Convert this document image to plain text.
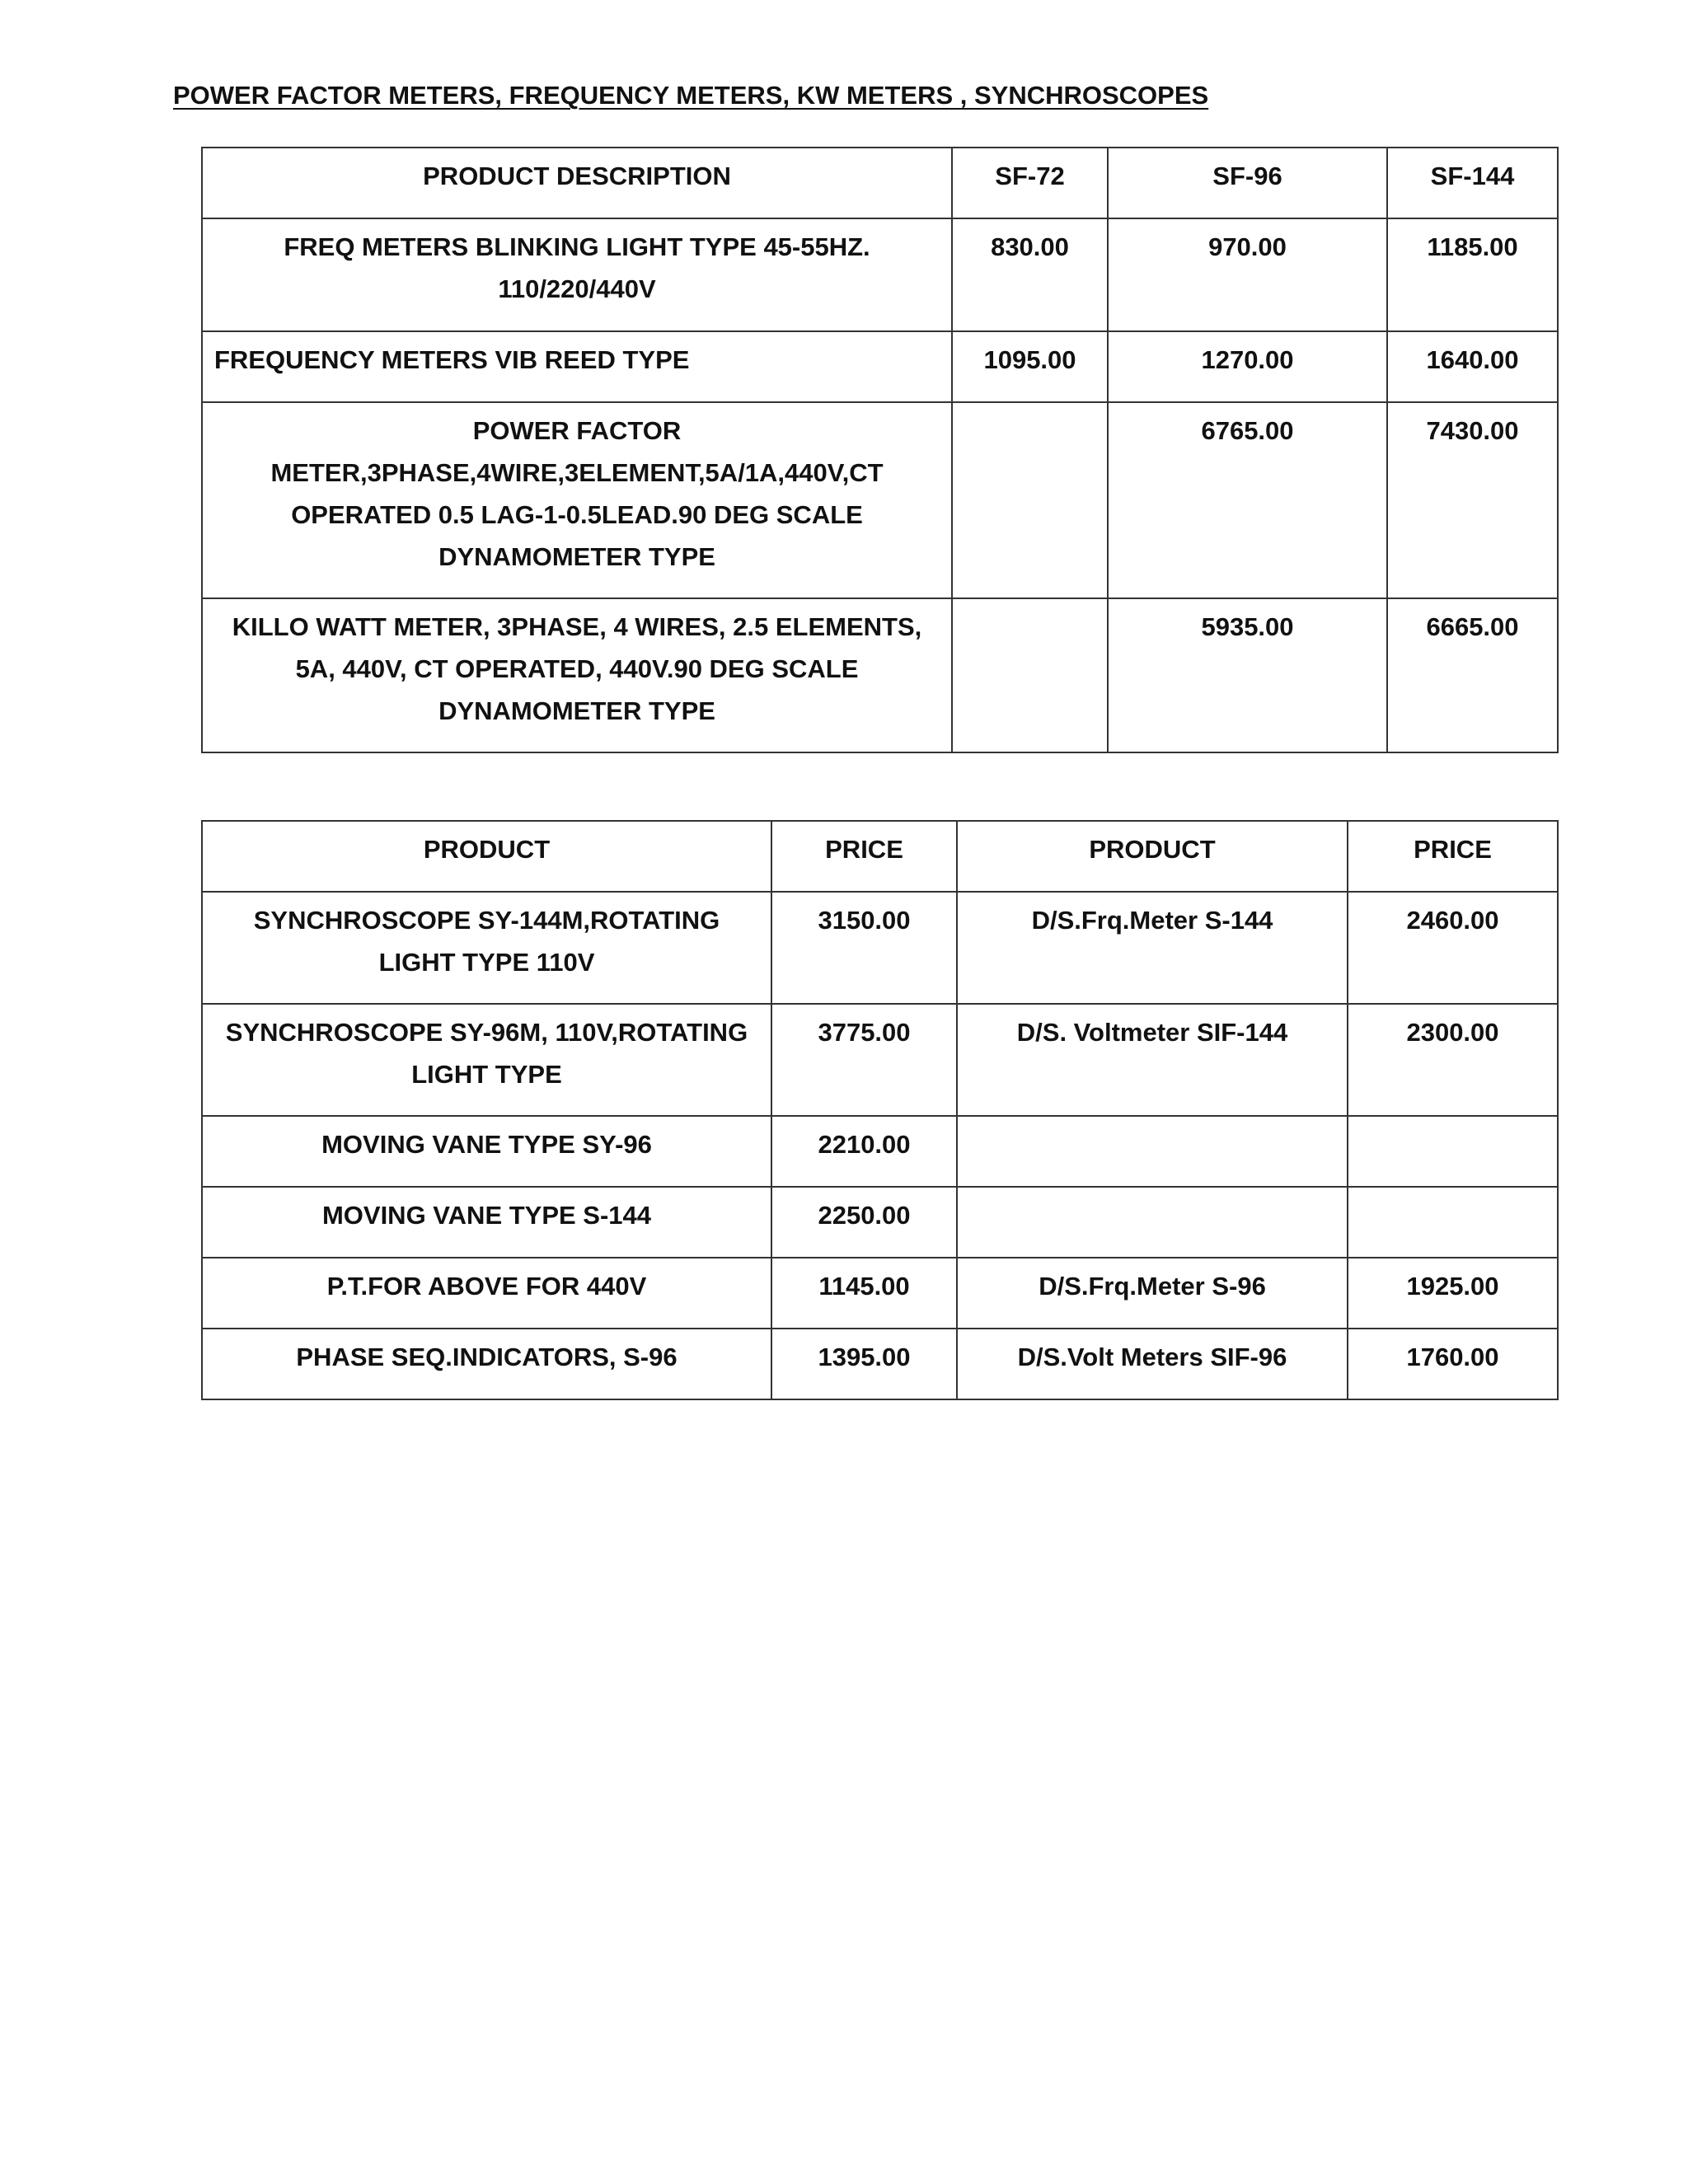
POWER FACTOR METERS, FREQUENCY METERS, KW METERS , SYNCHROSCOPES
PRODUCT DESCRIPTION	SF-72	SF-96	SF-144
FREQ METERS BLINKING LIGHT TYPE 45-55HZ. 110/220/440V	830.00	970.00	1185.00
FREQUENCY METERS VIB REED TYPE	1095.00	1270.00	1640.00
POWER FACTOR METER,3PHASE,4WIRE,3ELEMENT,5A/1A,440V,CT OPERATED 0.5 LAG-1-0.5LEAD.90 DEG SCALE DYNAMOMETER TYPE		6765.00	7430.00
KILLO WATT METER, 3PHASE, 4 WIRES, 2.5 ELEMENTS, 5A, 440V, CT OPERATED, 440V.90 DEG SCALE DYNAMOMETER TYPE		5935.00	6665.00
PRODUCT	PRICE	PRODUCT	PRICE
SYNCHROSCOPE SY-144M,ROTATING LIGHT TYPE 110V	3150.00	D/S.Frq.Meter S-144	2460.00
SYNCHROSCOPE SY-96M, 110V,ROTATING LIGHT TYPE	3775.00	D/S. Voltmeter SIF-144	2300.00
MOVING VANE TYPE SY-96	2210.00		
MOVING VANE TYPE S-144	2250.00		
P.T.FOR ABOVE FOR 440V	1145.00	D/S.Frq.Meter S-96	1925.00
PHASE SEQ.INDICATORS, S-96	1395.00	D/S.Volt Meters SIF-96	1760.00
